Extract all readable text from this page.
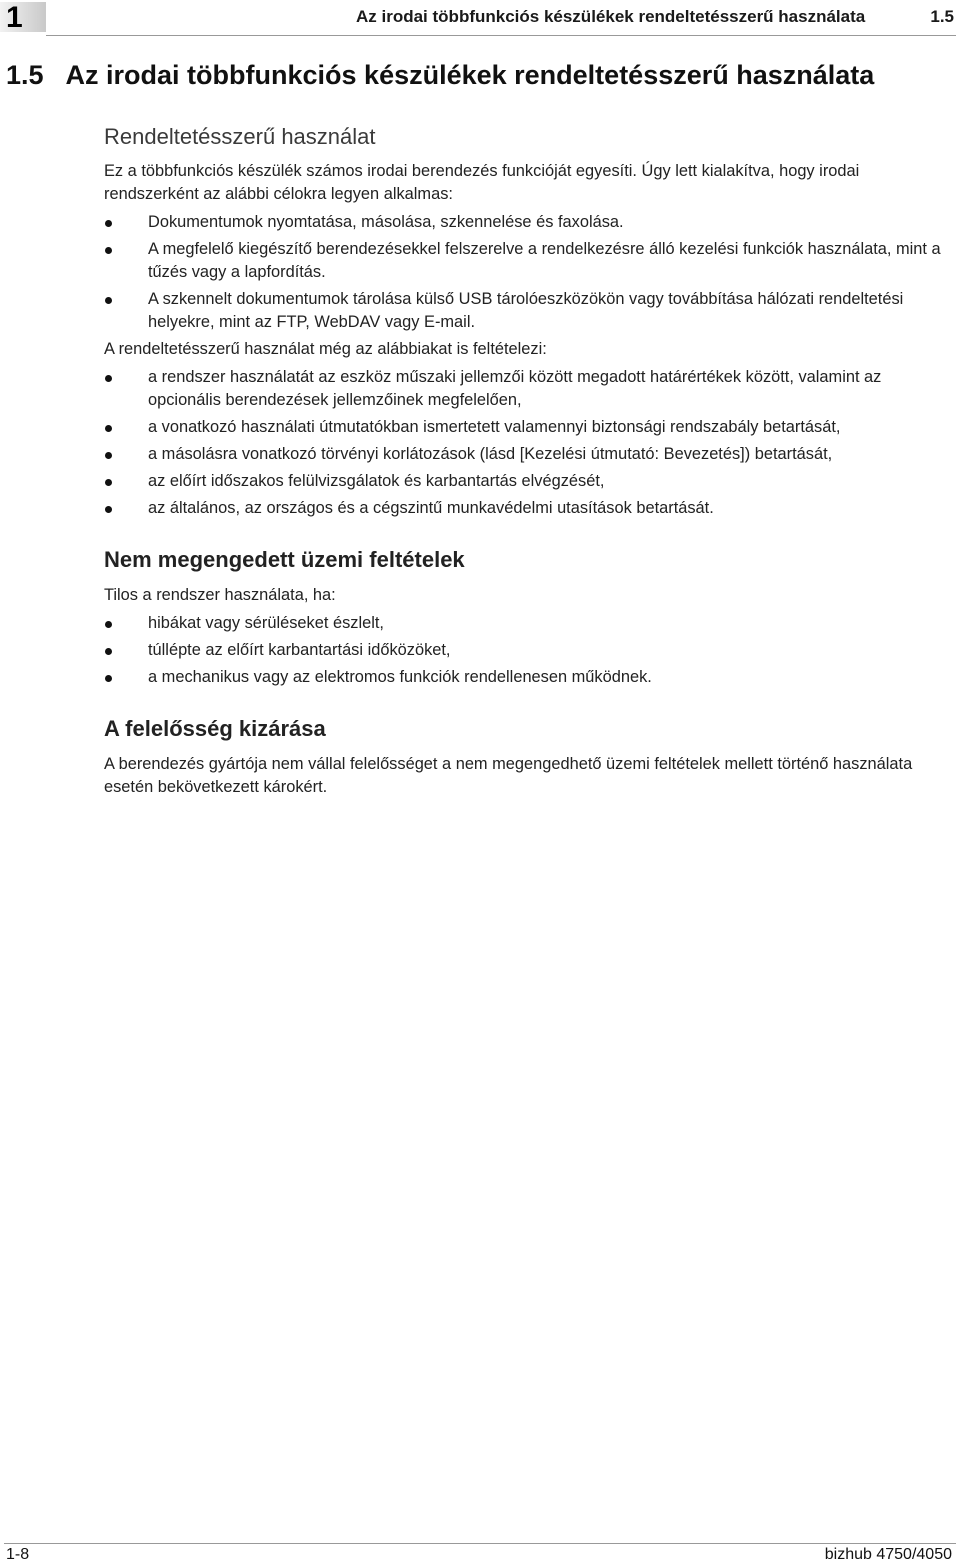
1	Az irodai többfunkciós készülékek rendeltetésszerű használata	1.5
1.5 Az irodai többfunkciós készülékek rendeltetésszerű használata
Rendeltetésszerű használat

Ez a többfunkciós készülék számos irodai berendezés funkcióját egyesíti. Úgy lett kialakítva, hogy irodai rendszerként az alábbi célokra legyen alkalmas:

Dokumentumok nyomtatása, másolása, szkennelése és faxolása.
A megfelelő kiegészítő berendezésekkel felszerelve a rendelkezésre álló kezelési funkciók használata, mint a tűzés vagy a lapfordítás.
A szkennelt dokumentumok tárolása külső USB tárolóeszközökön vagy továbbítása hálózati rendeltetési helyekre, mint az FTP, WebDAV vagy E-mail.

A rendeltetésszerű használat még az alábbiakat is feltételezi:

a rendszer használatát az eszköz műszaki jellemzői között megadott határértékek között, valamint az opcionális berendezések jellemzőinek megfelelően,
a vonatkozó használati útmutatókban ismertetett valamennyi biztonsági rendszabály betartását,
a másolásra vonatkozó törvényi korlátozások (lásd [Kezelési útmutató: Bevezetés]) betartását,
az előírt időszakos felülvizsgálatok és karbantartás elvégzését,
az általános, az országos és a cégszintű munkavédelmi utasítások betartását.
Nem megengedett üzemi feltételek

Tilos a rendszer használata, ha:

hibákat vagy sérüléseket észlelt,
túllépte az előírt karbantartási időközöket,
a mechanikus vagy az elektromos funkciók rendellenesen működnek.
A felelősség kizárása

A berendezés gyártója nem vállal felelősséget a nem megengedhető üzemi feltételek mellett történő használata esetén bekövetkezett károkért.

1-8	bizhub 4750/4050
